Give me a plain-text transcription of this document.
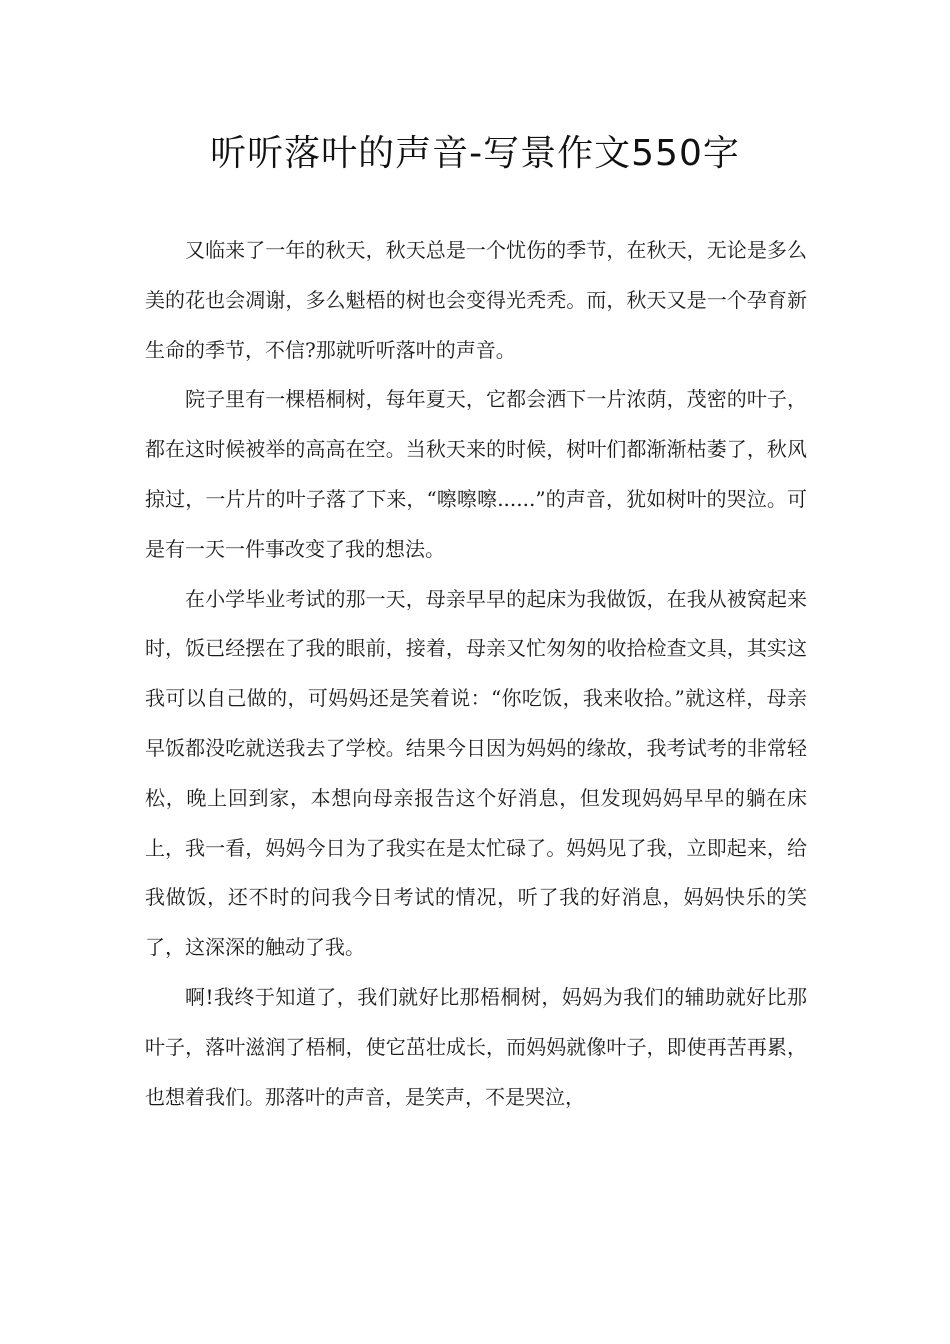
听听落叶的声音-写景作文550字

又临来了一年的秋天，秋天总是一个忧伤的季节，在秋天，无论是多么美的花也会凋谢，多么魁梧的树也会变得光秃秃。而，秋天又是一个孕育新生命的季节，不信?那就听听落叶的声音。

院子里有一棵梧桐树，每年夏天，它都会洒下一片浓荫，茂密的叶子，都在这时候被举的高高在空。当秋天来的时候，树叶们都渐渐枯萎了，秋风掠过，一片片的叶子落了下来，“嚓嚓嚓......”的声音，犹如树叶的哭泣。可是有一天一件事改变了我的想法。

在小学毕业考试的那一天，母亲早早的起床为我做饭，在我从被窝起来时，饭已经摆在了我的眼前，接着，母亲又忙匆匆的收拾检查文具，其实这我可以自己做的，可妈妈还是笑着说：“你吃饭，我来收拾。”就这样，母亲早饭都没吃就送我去了学校。结果今日因为妈妈的缘故，我考试考的非常轻松，晚上回到家，本想向母亲报告这个好消息，但发现妈妈早早的躺在床上，我一看，妈妈今日为了我实在是太忙碌了。妈妈见了我，立即起来，给我做饭，还不时的问我今日考试的情况，听了我的好消息，妈妈快乐的笑了，这深深的触动了我。

啊!我终于知道了，我们就好比那梧桐树，妈妈为我们的辅助就好比那叶子，落叶滋润了梧桐，使它茁壮成长，而妈妈就像叶子，即使再苦再累，也想着我们。那落叶的声音，是笑声，不是哭泣，
